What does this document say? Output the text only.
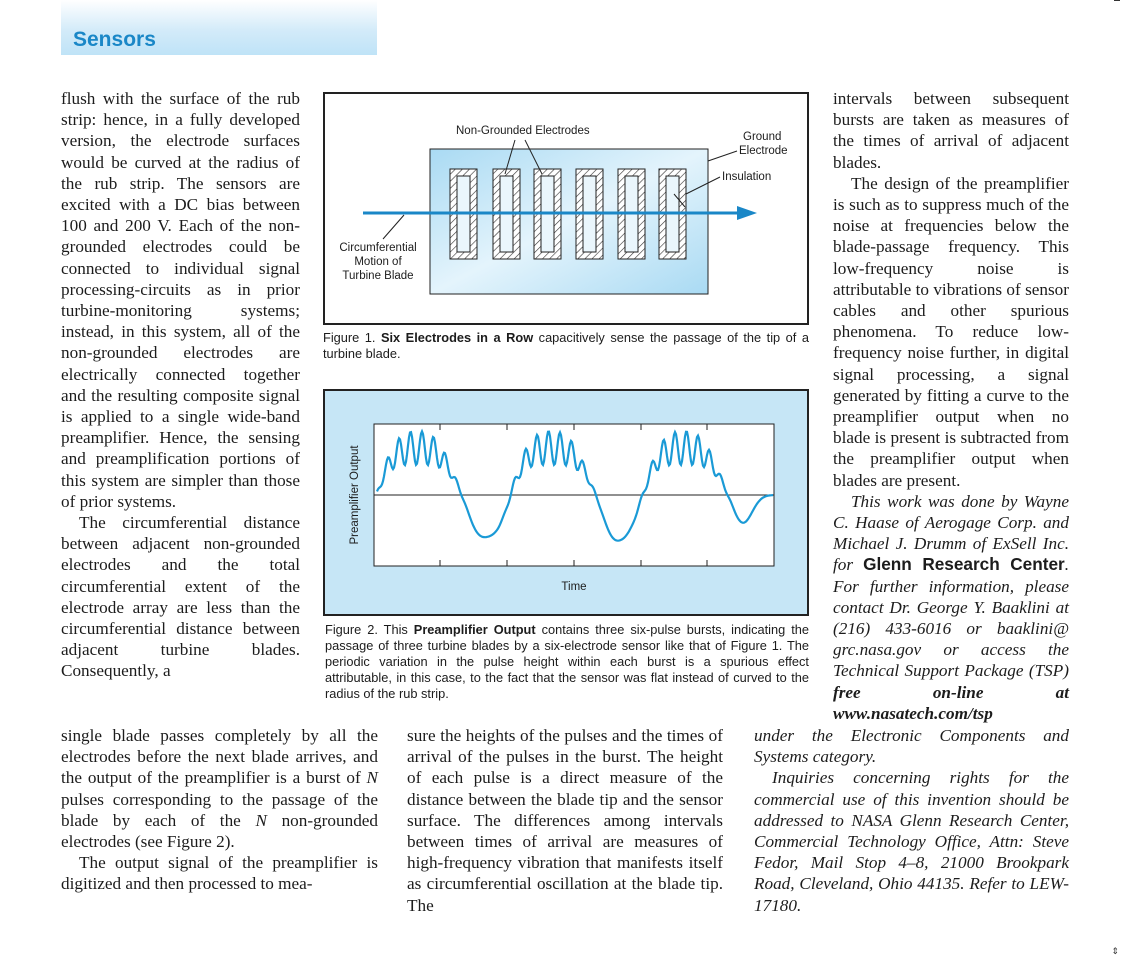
Sensors
⇕

flush with the surface of the rub strip: hence, in a fully developed version, the electrode surfaces would be curved at the radius of the rub strip. The sensors are excited with a DC bias between 100 and 200 V. Each of the non-grounded electrodes could be connected to individual signal processing-circuits as in prior turbine-monitoring systems; instead, in this system, all of the non-grounded electrodes are electrically connected together and the resulting composite signal is applied to a single wide-band preamplifier. Hence, the sensing and preamplification portions of this system are simpler than those of prior systems.

The circumferential distance between adjacent non-grounded electrodes and the total circumferential extent of the electrode array are less than the circumferential distance between adjacent turbine blades. Consequently, a

single blade passes completely by all the electrodes before the next blade arrives, and the output of the preamplifier is a burst of N pulses corresponding to the passage of the blade by each of the N non-grounded electrodes (see Figure 2).

The output signal of the preamplifier is digitized and then processed to mea-

sure the heights of the pulses and the times of arrival of the pulses in the burst. The height of each pulse is a direct measure of the distance between the blade tip and the sensor surface. The differences among intervals between times of arrival are measures of high-frequency vibration that manifests itself as circumferential oscillation at the blade tip. The

intervals between subsequent bursts are taken as measures of the times of arrival of adjacent blades.

The design of the preamplifier is such as to suppress much of the noise at frequencies below the blade-passage frequency. This low-frequency noise is attributable to vibrations of sensor cables and other spurious phenomena. To reduce low-frequency noise further, in digital signal processing, a signal generated by fitting a curve to the preamplifier output when no blade is present is subtracted from the preamplifier output when blades are present.

This work was done by Wayne C. Haase of Aerogage Corp. and Michael J. Drumm of ExSell Inc. for Glenn Research Center. For further information, please contact Dr. George Y. Baaklini at (216) 433-6016 or baaklini@ grc.nasa.gov or access the Technical Support Package (TSP) free on-line at www.nasatech.com/tsp

under the Electronic Components and Systems category.

Inquiries concerning rights for the commercial use of this invention should be addressed to NASA Glenn Research Center, Commercial Technology Office, Attn: Steve Fedor, Mail Stop 4–8, 21000 Brookpark Road, Cleveland, Ohio 44135. Refer to LEW-17180.

Non-Grounded Electrodes	Ground
Electrode
Insulation
Circumferential
Motion of
Turbine Blade
Figure 1. Six Electrodes in a Row capacitively sense the passage of the tip of a turbine blade.
Time
Preamplifier Output
Figure 2. This Preamplifier Output contains three six-pulse bursts, indicating the passage of three turbine blades by a six-electrode sensor like that of Figure 1. The periodic variation in the pulse height within each burst is a spurious effect attributable, in this case, to the fact that the sensor was flat instead of curved to the radius of the rub strip.
